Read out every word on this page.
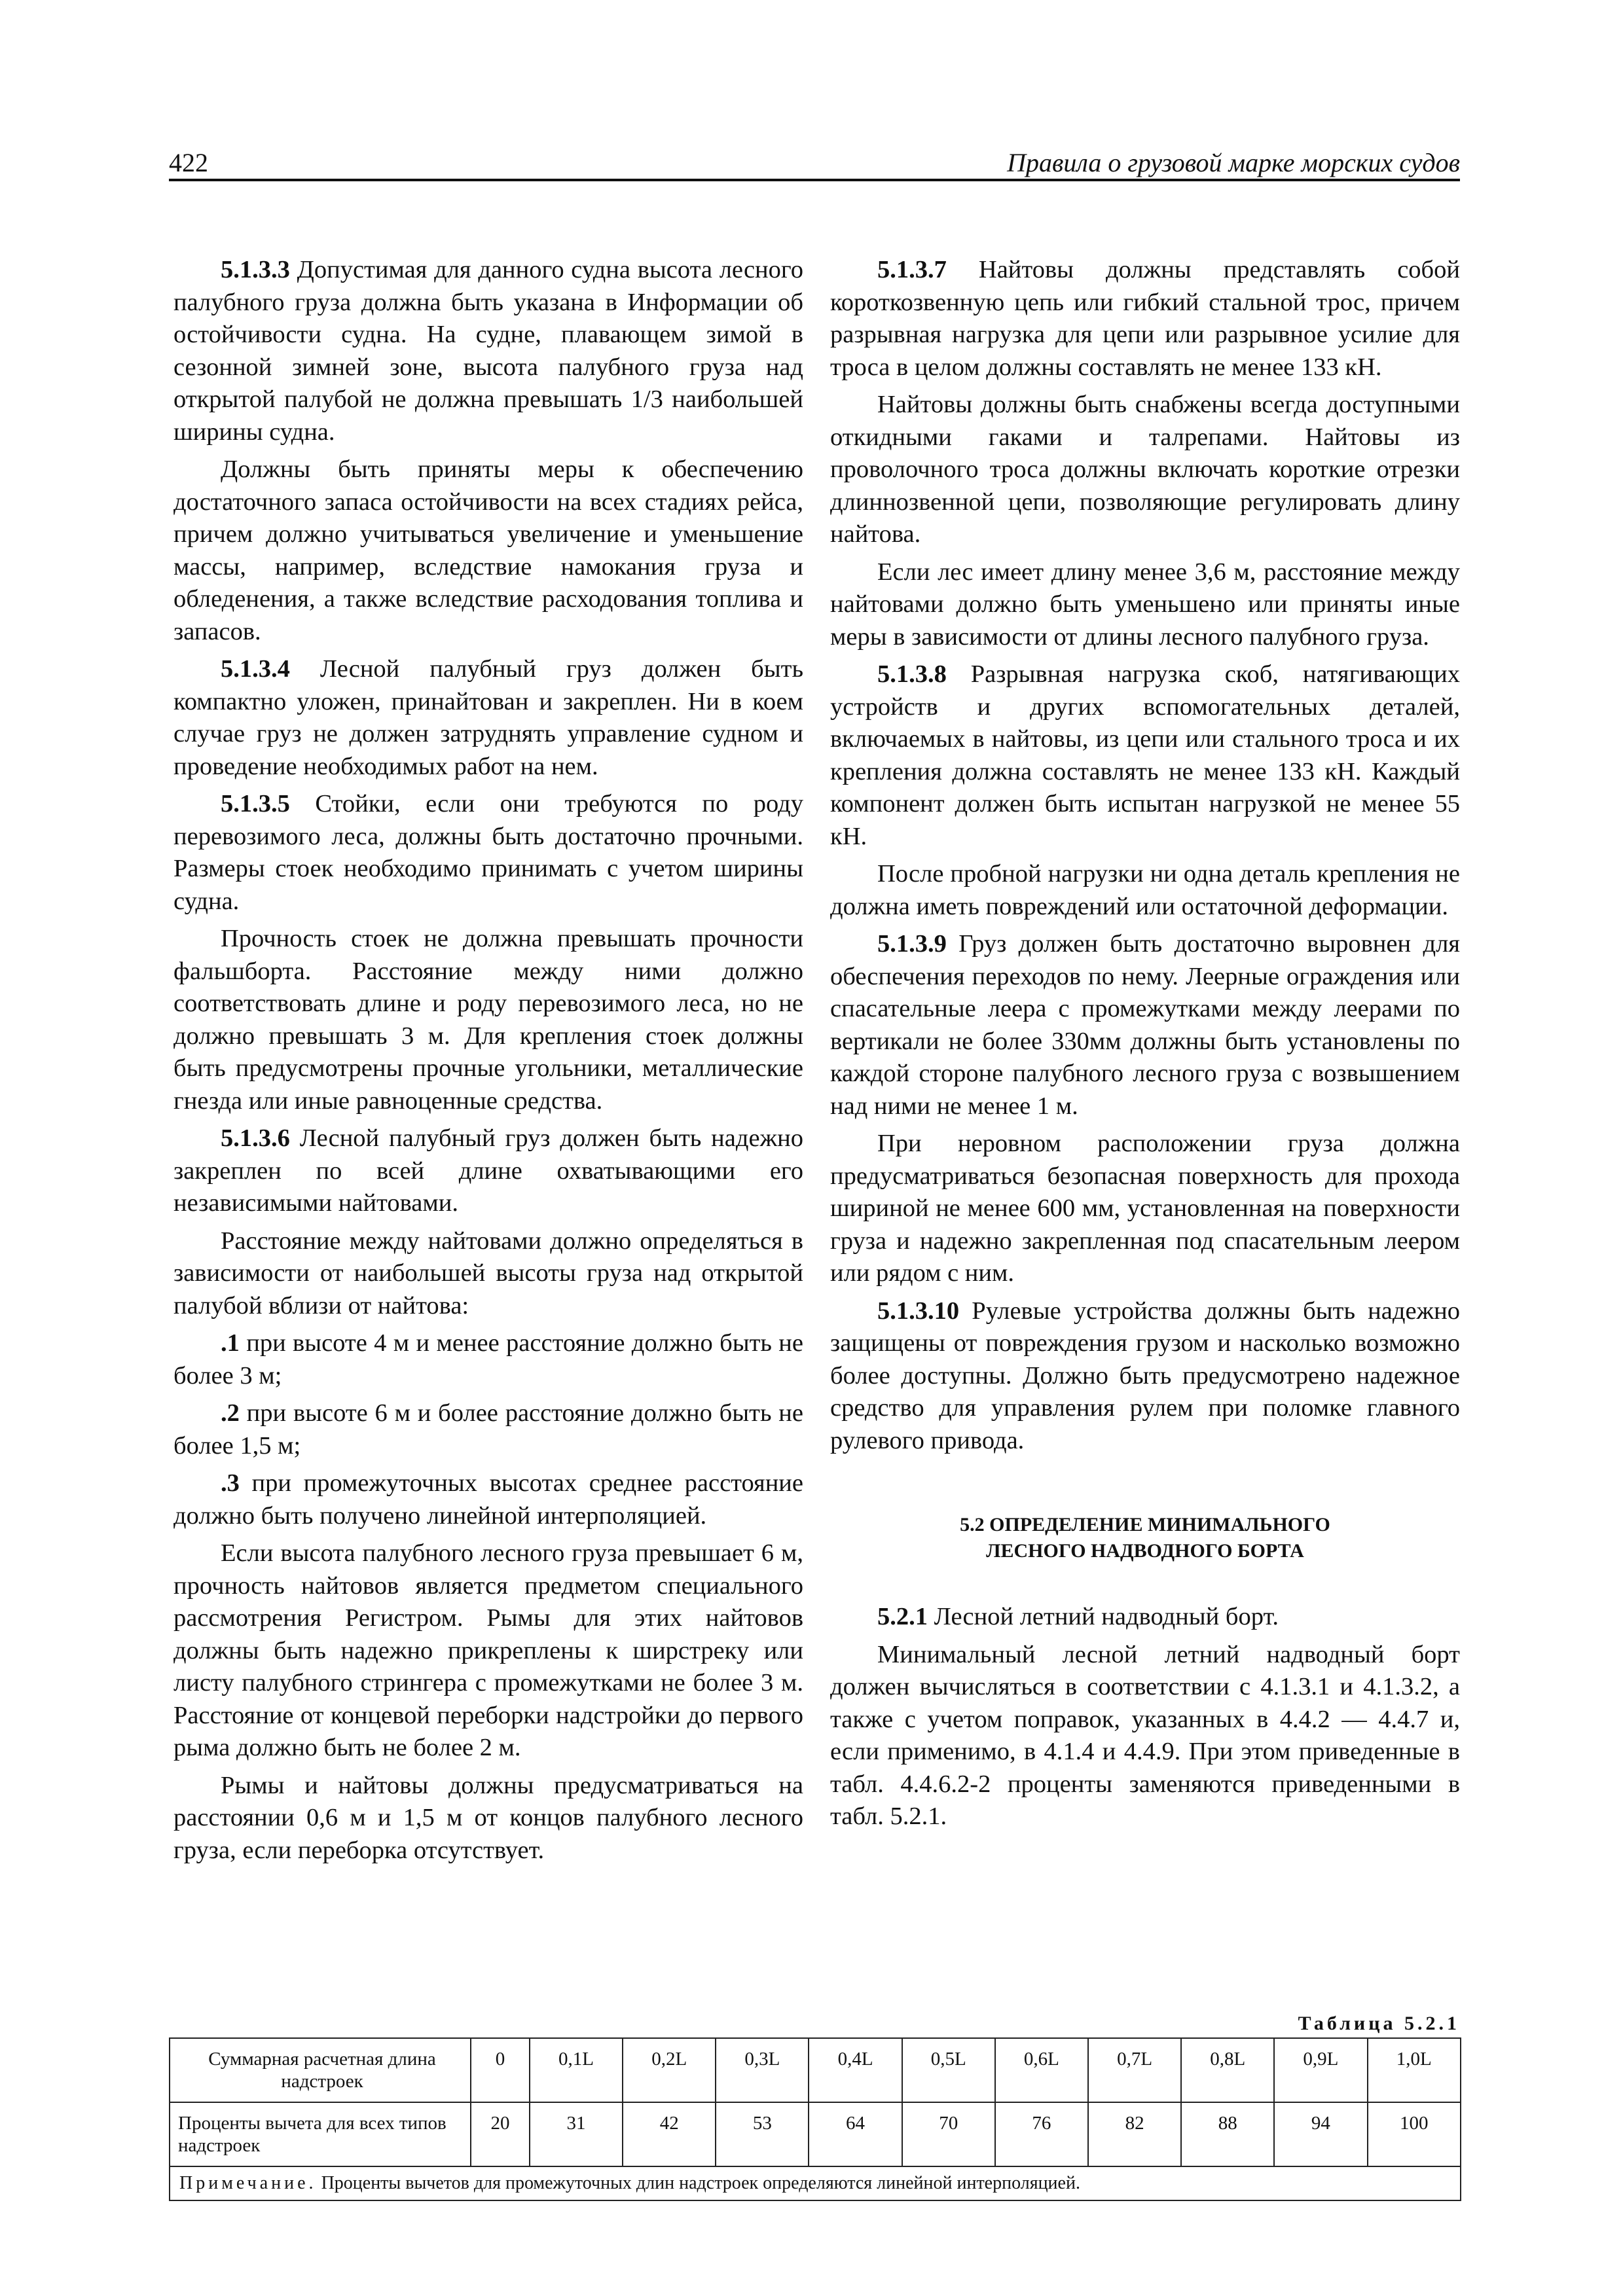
422	Правила о грузовой марке морских судов

5.1.3.3 Допустимая для данного судна высота лесного палубного груза должна быть указана в Информации об остойчивости судна. На судне, плавающем зимой в сезонной зимней зоне, высота палубного груза над открытой палубой не должна превышать 1/3 наибольшей ширины судна.

Должны быть приняты меры к обеспечению достаточного запаса остойчивости на всех стадиях рейса, причем должно учитываться увеличение и уменьшение массы, например, вследствие намокания груза и обледенения, а также вследствие расходования топлива и запасов.

5.1.3.4 Лесной палубный груз должен быть компактно уложен, принайтован и закреплен. Ни в коем случае груз не должен затруднять управление судном и проведение необходимых работ на нем.

5.1.3.5 Стойки, если они требуются по роду перевозимого леса, должны быть достаточно прочными. Размеры стоек необходимо принимать с учетом ширины судна.

Прочность стоек не должна превышать прочности фальшборта. Расстояние между ними должно соответствовать длине и роду перевозимого леса, но не должно превышать 3 м. Для крепления стоек должны быть предусмотрены прочные угольники, металлические гнезда или иные равноценные средства.

5.1.3.6 Лесной палубный груз должен быть надежно закреплен по всей длине охватывающими его независимыми найтовами.

Расстояние между найтовами должно определяться в зависимости от наибольшей высоты груза над открытой палубой вблизи от найтова:

.1 при высоте 4 м и менее расстояние должно быть не более 3 м;

.2 при высоте 6 м и более расстояние должно быть не более 1,5 м;

.3 при промежуточных высотах среднее расстояние должно быть получено линейной интерполяцией.

Если высота палубного лесного груза превышает 6 м, прочность найтовов является предметом специального рассмотрения Регистром. Рымы для этих найтовов должны быть надежно прикреплены к ширстреку или листу палубного стрингера с промежутками не более 3 м. Расстояние от концевой переборки надстройки до первого рыма должно быть не более 2 м.

Рымы и найтовы должны предусматриваться на расстоянии 0,6 м и 1,5 м от концов палубного лесного груза, если переборка отсутствует.

5.1.3.7 Найтовы должны представлять собой короткозвенную цепь или гибкий стальной трос, причем разрывная нагрузка для цепи или разрывное усилие для троса в целом должны составлять не менее 133 кН.

Найтовы должны быть снабжены всегда доступными откидными гаками и талрепами. Найтовы из проволочного троса должны включать короткие отрезки длиннозвенной цепи, позволяющие регулировать длину найтова.

Если лес имеет длину менее 3,6 м, расстояние между найтовами должно быть уменьшено или приняты иные меры в зависимости от длины лесного палубного груза.

5.1.3.8 Разрывная нагрузка скоб, натягивающих устройств и других вспомогательных деталей, включаемых в найтовы, из цепи или стального троса и их крепления должна составлять не менее 133 кН. Каждый компонент должен быть испытан нагрузкой не менее 55 кН.

После пробной нагрузки ни одна деталь крепления не должна иметь повреждений или остаточной деформации.

5.1.3.9 Груз должен быть достаточно выровнен для обеспечения переходов по нему. Леерные ограждения или спасательные леера с промежутками между леерами по вертикали не более 330мм должны быть установлены по каждой стороне палубного лесного груза с возвышением над ними не менее 1 м.

При неровном расположении груза должна предусматриваться безопасная поверхность для прохода шириной не менее 600 мм, установленная на поверхности груза и надежно закрепленная под спасательным леером или рядом с ним.

5.1.3.10 Рулевые устройства должны быть надежно защищены от повреждения грузом и насколько возможно более доступны. Должно быть предусмотрено надежное средство для управления рулем при поломке главного рулевого привода.

5.2 ОПРЕДЕЛЕНИЕ МИНИМАЛЬНОГО
ЛЕСНОГО НАДВОДНОГО БОРТА

5.2.1 Лесной летний надводный борт.

Минимальный лесной летний надводный борт должен вычисляться в соответствии с 4.1.3.1 и 4.1.3.2, а также с учетом поправок, указанных в 4.4.2 — 4.4.7 и, если применимо, в 4.1.4 и 4.4.9. При этом приведенные в табл. 4.4.6.2-2 проценты заменяются приведенными в табл. 5.2.1.

Таблица 5.2.1
Суммарная расчетная длина надстроек	0	0,1L	0,2L	0,3L	0,4L	0,5L	0,6L	0,7L	0,8L	0,9L	1,0L
Проценты вычета для всех типов надстроек	20	31	42	53	64	70	76	82	88	94	100
Примечание. Проценты вычетов для промежуточных длин надстроек определяются линейной интерполяцией.											
